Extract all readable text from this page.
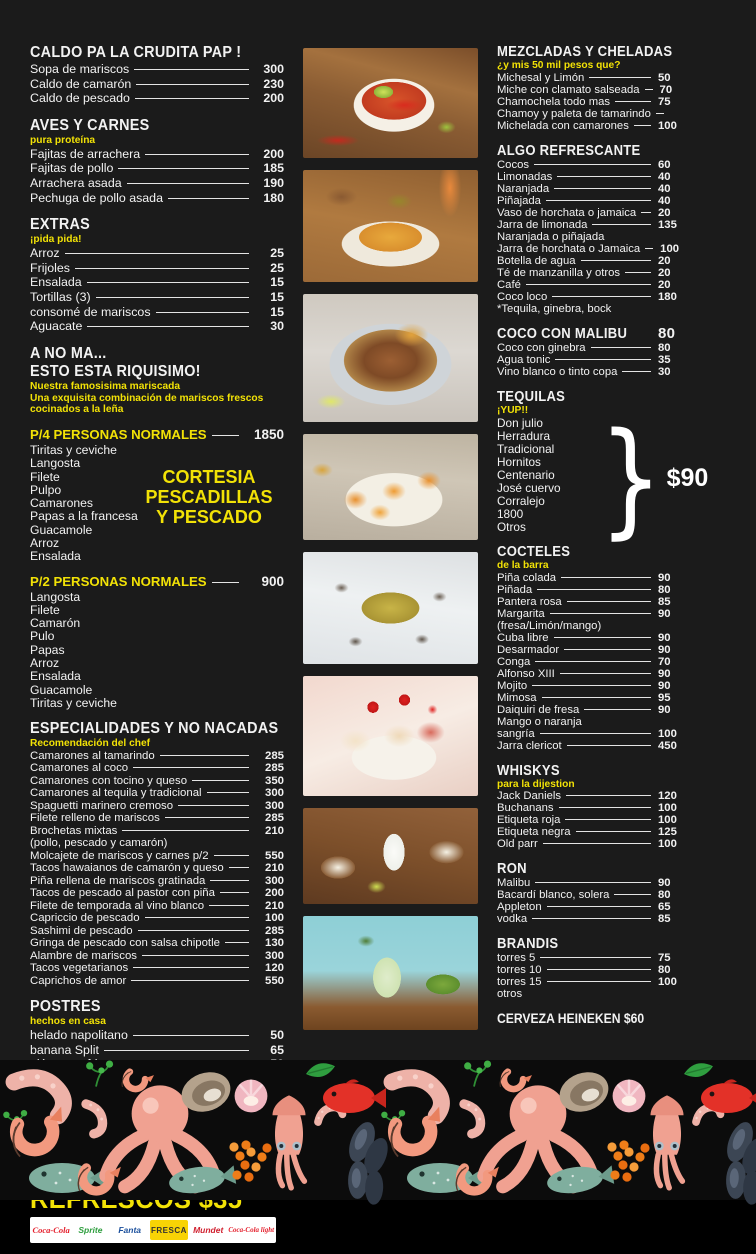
CALDO PA LA CRUDITA PAP !
Sopa de mariscos	300
Caldo de camarón	230
Caldo de pescado	200
AVES Y CARNES
pura proteína
Fajitas de arrachera	200
Fajitas de pollo	185
Arrachera asada	190
Pechuga de pollo asada	180
EXTRAS
¡pida pida!
Arroz	25
Frijoles	25
Ensalada	15
Tortillas (3)	15
consomé de mariscos	15
Aguacate	30
A NO MA...
ESTO ESTA RIQUISIMO!
Nuestra famosisima mariscada
Una exquisita combinación de mariscos frescos cocinados a la leña
P/4 PERSONAS NORMALES	1850
Tiritas y ceviche
Langosta
Filete
Pulpo
Camarones
Papas a la francesa
Guacamole
Arroz
Ensalada
CORTESIA
PESCADILLAS
Y PESCADO
P/2 PERSONAS NORMALES	900
Langosta
Filete
Camarón
Pulo
Papas
Arroz
Ensalada
Guacamole
Tiritas y ceviche
ESPECIALIDADES Y NO NACADAS
Recomendación del chef
Camarones al tamarindo	285
Camarones al coco	285
Camarones con tocino y queso	350
Camarones al tequila y tradicional	300
Spaguetti marinero cremoso	300
Filete relleno de mariscos	285
Brochetas mixtas	210
(pollo, pescado y camarón)
Molcajete de mariscos y carnes p/2	550
Tacos hawaianos de camarón y queso	210
Piña rellena de mariscos gratinada	300
Tacos de pescado al pastor con piña	200
Filete de temporada al vino blanco	210
Capriccio de pescado	100
Sashimi de pescado	285
Gringa de pescado con salsa chipotle	130
Alambre de mariscos	300
Tacos vegetarianos	120
Caprichos de amor	550
POSTRES
hechos en casa
helado napolitano	50
banana Split	65
Coca-Cola	Sprite	Fanta	FRESCA Mundet Coca-Cola light
MEZCLADAS Y CHELADAS
¿y mis 50 mil pesos que?
Michesal y Limón	50
Miche con clamato salseada 70
Chamochela todo mas	75
Chamoy y paleta de tamarindo
Michelada con camarones	100
ALGO REFRESCANTE
Cocos	60
Limonadas	40
Naranjada	40
Piñajada	40
Vaso de horchata o jamaica 20
Jarra de limonada	135
Naranjada o piñajada
Jarra de horchata o Jamaica 100
Botella de agua	20
Té de manzanilla y otros	20
Café	20
Coco loco	180
*Tequila, ginebra, bock
COCO CON MALIBU 80
Coco con ginebra	80
Agua tonic	35
Vino blanco o tinto copa	30
TEQUILAS
¡YUP!!
Don julio
Herradura
Tradicional
Hornitos
Centenario
José cuervo
Corralejo
1800
Otros } $90
COCTELES
de la barra
Piña colada	90
Piñada	80
Pantera rosa	85
Margarita	90
(fresa/Limón/mango)
Cuba libre	90
Desarmador	90
Conga	70
Alfonso XIII	90
Mojito	90
Mimosa	95
Daiquiri de fresa	90
Mango o naranja
sangría	100
Jarra clericot	450
WHISKYS
para la dijestion
Jack Daniels	120
Buchanans	100
Etiqueta roja	100
Etiqueta negra	125
Old parr	100
RON
Malibu	90
Bacardí blanco, solera	80
Appleton	65
vodka	85
BRANDIS
torres 5	75
torres 10	80
torres 15	100
otros
CERVEZA HEINEKEN $60
